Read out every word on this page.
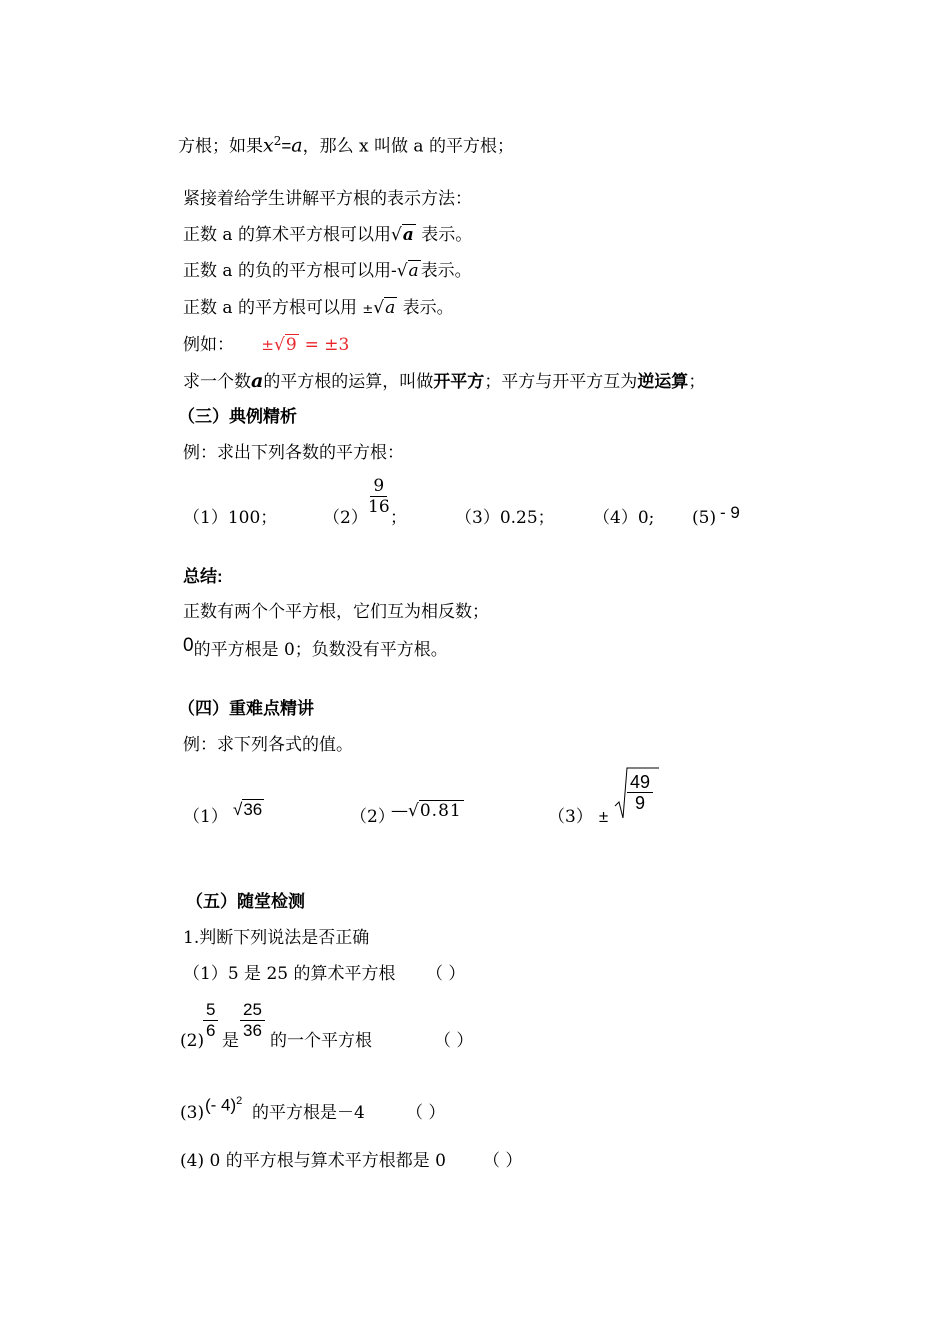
方根；如果$x^2=a$，那么 x 叫做 a 的平方根；
紧接着给学生讲解平方根的表示方法：
正数 a 的算术平方根可以用√a 表示。
正数 a 的负的平方根可以用-√a 表示。
正数 a 的平方根可以用 ±√a 表示。
例如： ±√9 = ±3
求一个数a的平方根的运算，叫做开平方；平方与开平方互为逆运算；
（三）典例精析
例：求出下列各数的平方根：
（1）100；	（2）
$\frac{9}{16}$
；	（3）0.25； （4）0; (5) - 9
总结:
正数有两个个平方根，它们互为相反数；
0的平方根是 0；负数没有平方根。
（四）重难点精讲
例：求下列各式的值。
（1） √36	（2）
—√0.81	（3） ±
$\frac{49}{9}$
（五）随堂检测
1.判断下列说法是否正确
（1）5 是 25 的算术平方根 （ ）
(2)
$\frac{5}{6}$ 是 $\frac{25}{36}$ 的一个平方根	（ ）
(3) (- 4)$^2$
的平方根是－4 （ ）
(4) 0 的平方根与算术平方根都是 0 （ ）
